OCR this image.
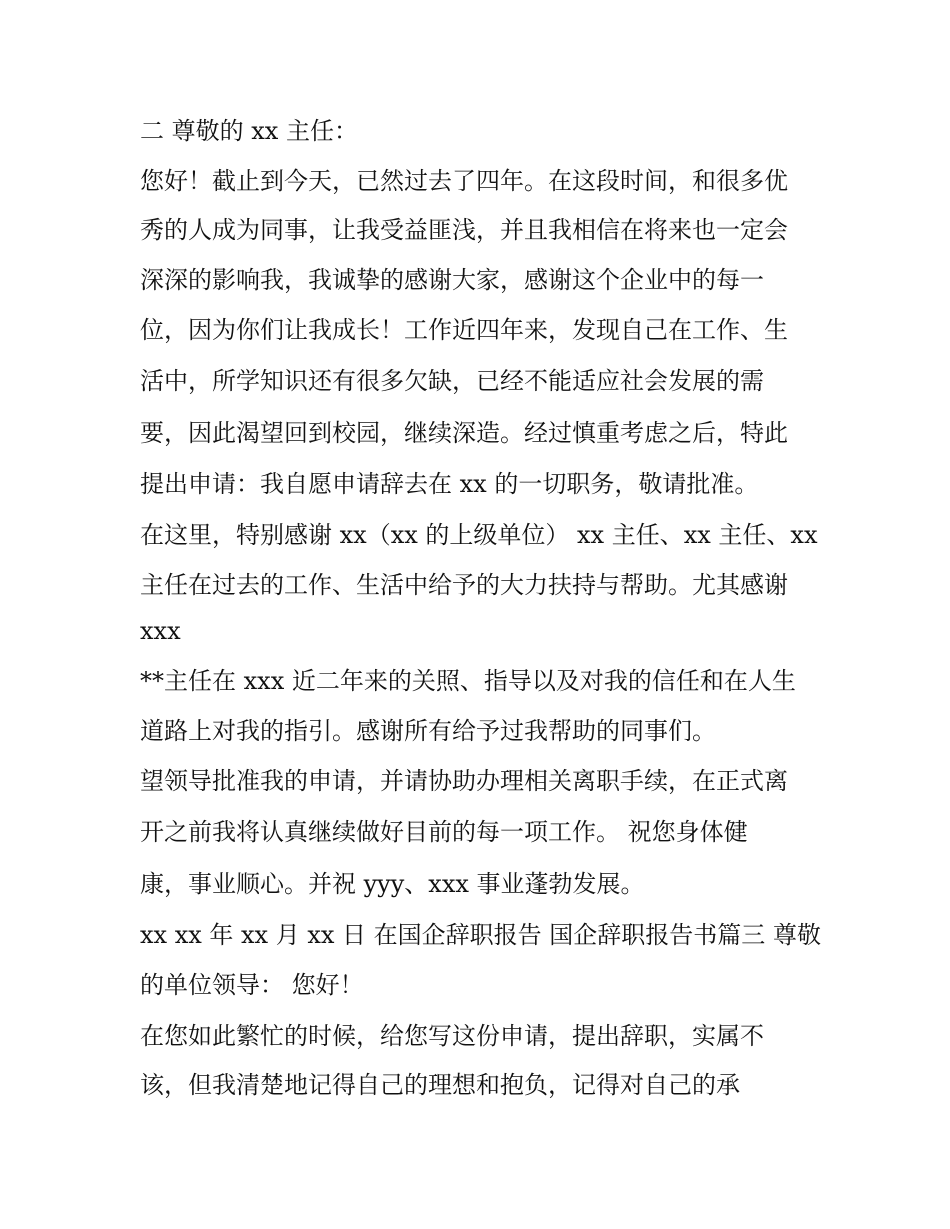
二 尊敬的 xx 主任：
您好！截止到今天，已然过去了四年。在这段时间，和很多优
秀的人成为同事，让我受益匪浅，并且我相信在将来也一定会
深深的影响我，我诚挚的感谢大家，感谢这个企业中的每一
位，因为你们让我成长！工作近四年来，发现自己在工作、生
活中，所学知识还有很多欠缺，已经不能适应社会发展的需
要，因此渴望回到校园，继续深造。经过慎重考虑之后，特此
提出申请：我自愿申请辞去在 xx 的一切职务，敬请批准。
在这里，特别感谢 xx（xx 的上级单位） xx 主任、xx 主任、xx
主任在过去的工作、生活中给予的大力扶持与帮助。尤其感谢
xxx
**主任在 xxx 近二年来的关照、指导以及对我的信任和在人生
道路上对我的指引。感谢所有给予过我帮助的同事们。
望领导批准我的申请，并请协助办理相关离职手续，在正式离
开之前我将认真继续做好目前的每一项工作。 祝您身体健
康，事业顺心。并祝 yyy、xxx 事业蓬勃发展。
xx xx 年 xx 月 xx 日 在国企辞职报告 国企辞职报告书篇三 尊敬
的单位领导： 您好！
在您如此繁忙的时候，给您写这份申请，提出辞职，实属不
该，但我清楚地记得自己的理想和抱负，记得对自己的承
